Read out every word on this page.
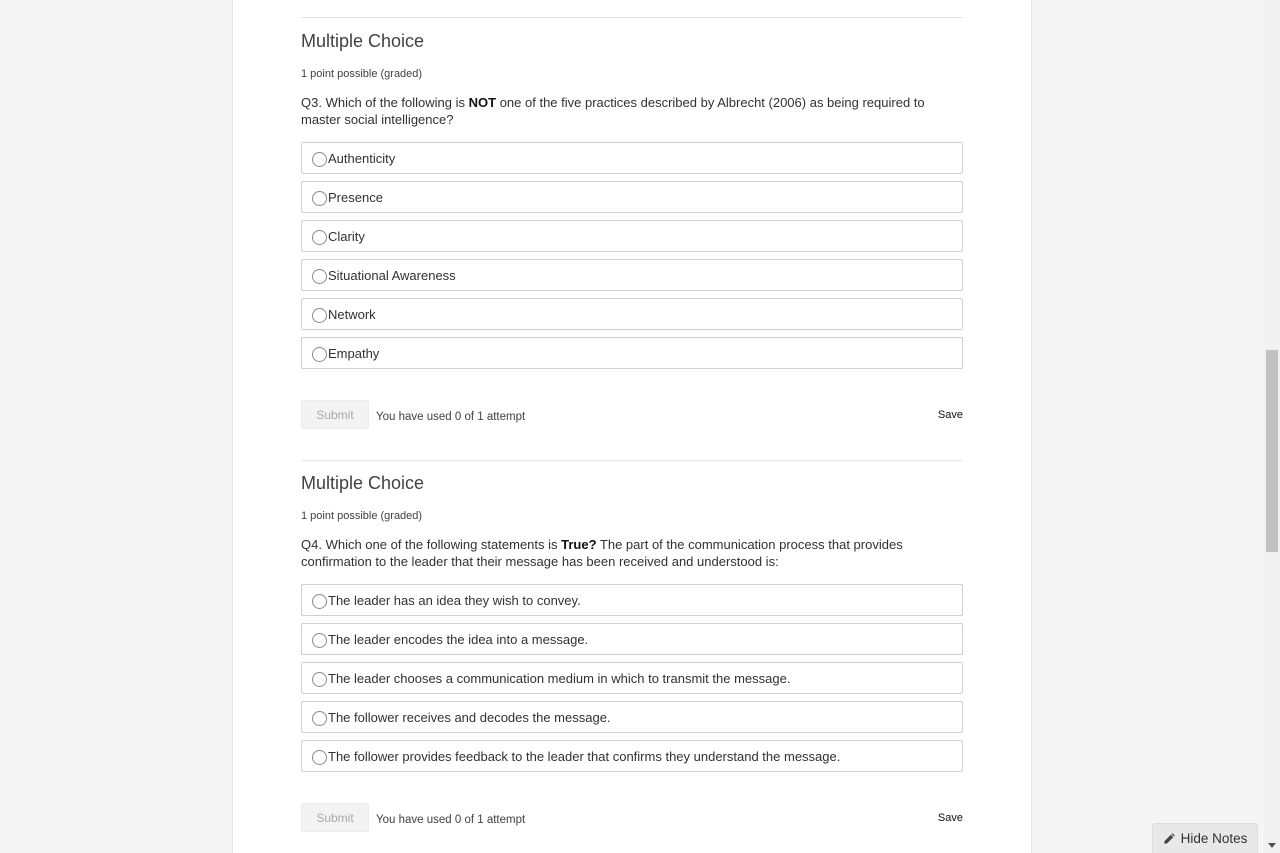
Multiple Choice
1 point possible (graded)
Q3. Which of the following is NOT one of the five practices described by Albrecht (2006) as being required to master social intelligence?
Authenticity
Presence
Clarity
Situational Awareness
Network
Empathy
Submit	You have used 0 of 1 attempt	Save
Multiple Choice
1 point possible (graded)
Q4. Which one of the following statements is True? The part of the communication process that provides confirmation to the leader that their message has been received and understood is:
The leader has an idea they wish to convey.
The leader encodes the idea into a message.
The leader chooses a communication medium in which to transmit the message.
The follower receives and decodes the message.
The follower provides feedback to the leader that confirms they understand the message.
Submit	You have used 0 of 1 attempt	Save
Hide Notes
